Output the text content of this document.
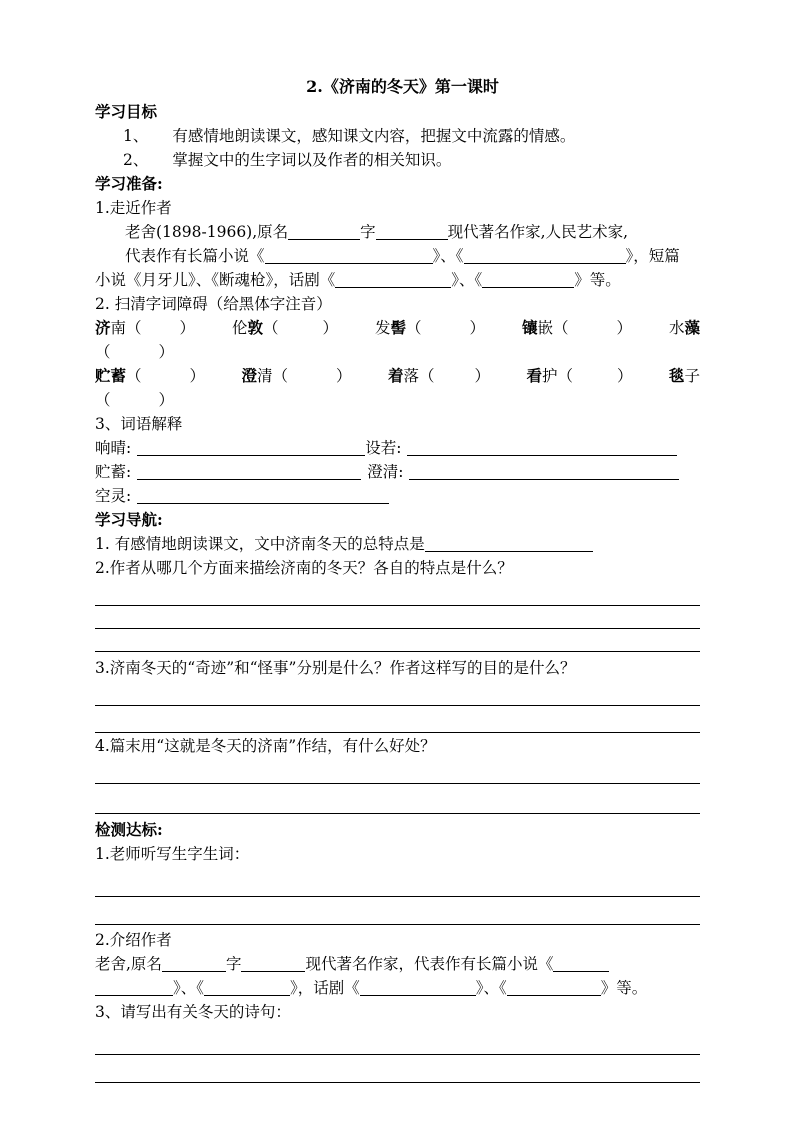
2.《济南的冬天》第一课时
学习目标
1、 有感情地朗读课文，感知课文内容，把握文中流露的情感。
2、 掌握文中的生字词以及作者的相关知识。
学习准备:
1.走近作者
老舍(1898-1966),原名	字	现代著名作家,人民艺术家,
代表作有长篇小说《	》、《	》，短篇
小说《月牙儿》、《断魂枪》，话剧《	》、《	》等。
2. 扫清字词障碍（给黑体字注音）
济南（ ） 伦敦（	） 发髻（	） 镶嵌（	） 水藻
（	）
贮蓄（	） 澄清（	） 着落（	） 看护（	） 毯子
（	）
3、词语解释
响晴:	设若:
贮蓄:	澄清:
空灵:
学习导航:
1. 有感情地朗读课文，文中济南冬天的总特点是
2.作者从哪几个方面来描绘济南的冬天？各自的特点是什么？
3.济南冬天的“奇迹”和“怪事”分别是什么？作者这样写的目的是什么？
4.篇末用“这就是冬天的济南”作结，有什么好处？
检测达标:
1.老师听写生字生词：
2.介绍作者
老舍,原名	字	现代著名作家，代表作有长篇小说《
》、《	》，话剧《	》、《	》等。
3、请写出有关冬天的诗句：
